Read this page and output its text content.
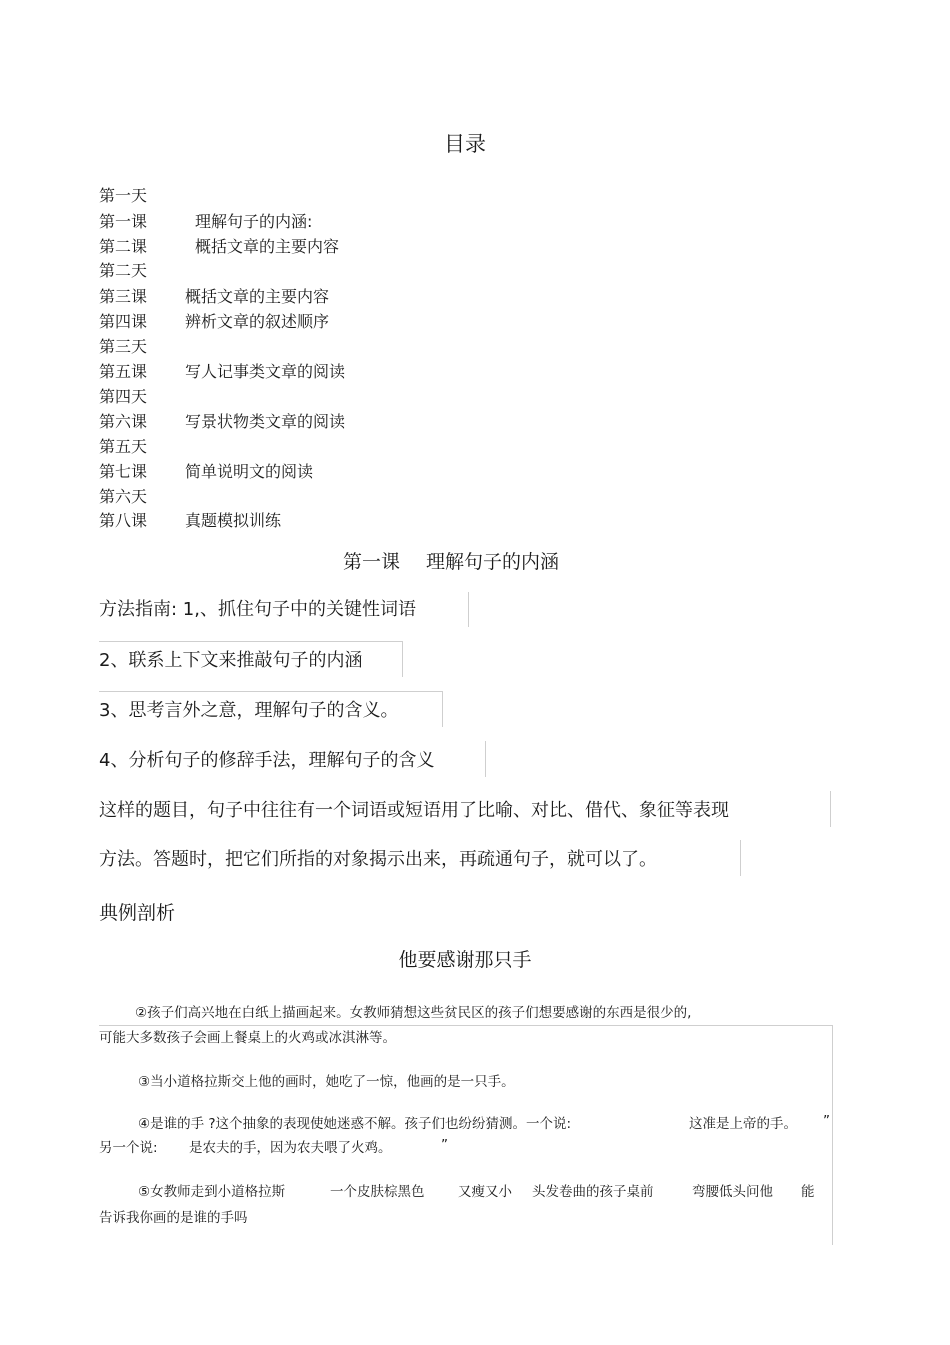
目录
第一天
第一课	理解句子的内涵:
第二课	概括文章的主要内容
第二天
第三课 概括文章的主要内容
第四课 辨析文章的叙述顺序
第三天
第五课 写人记事类文章的阅读
第四天
第六课 写景状物类文章的阅读
第五天
第七课 简单说明文的阅读
第六天
第八课 真题模拟训练
第一课 理解句子的内涵
方法指南: 1,、抓住句子中的关键性词语
2、联系上下文来推敲句子的内涵
3、思考言外之意，理解句子的含义。
4、分析句子的修辞手法，理解句子的含义
这样的题目，句子中往往有一个词语或短语用了比喻、对比、借代、象征等表现
方法。答题时，把它们所指的对象揭示出来，再疏通句子，就可以了。
典例剖析
他要感谢那只手
②孩子们高兴地在白纸上描画起来。女教师猜想这些贫民区的孩子们想要感谢的东西是很少的,
可能大多数孩子会画上餐桌上的火鸡或冰淇淋等。
③当小道格拉斯交上他的画时，她吃了一惊，他画的是一只手。
④是谁的手 ?这个抽象的表现使她迷惑不解。孩子们也纷纷猜测。一个说:	这准是上帝的手。 ”
另一个说: 是农夫的手，因为农夫喂了火鸡。	”
⑤女教师走到小道格拉斯	一个皮肤棕黑色 又瘦又小 头发卷曲的孩子桌前	弯腰低头问他 能
告诉我你画的是谁的手吗
